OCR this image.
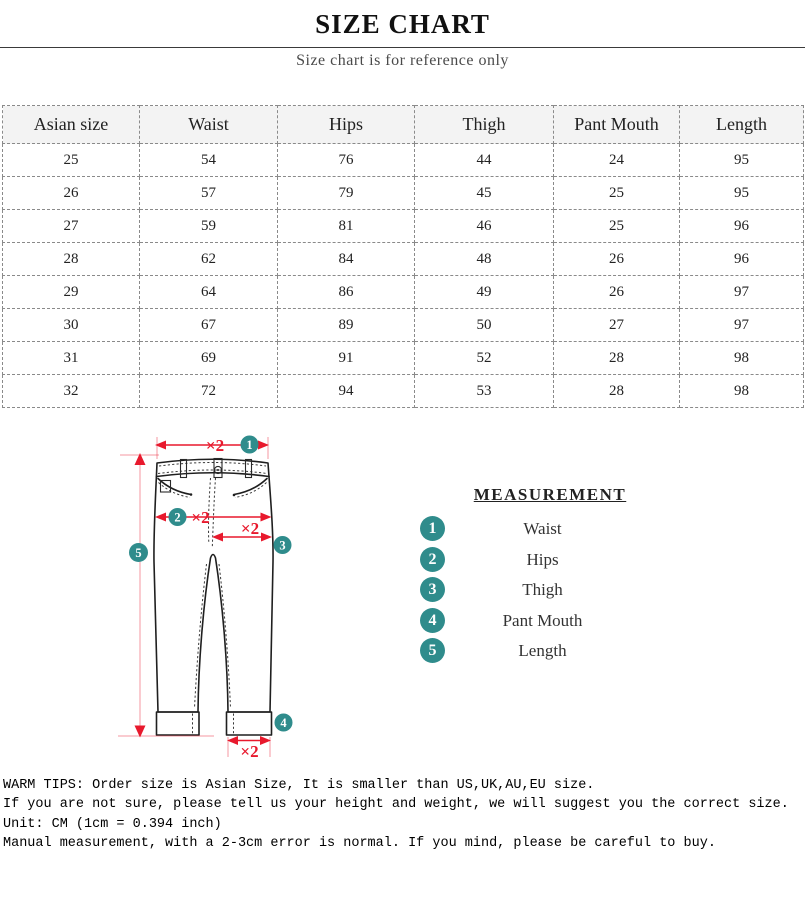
SIZE CHART
Size chart is for reference only
Asian size	Waist	Hips	Thigh	Pant Mouth	Length
25	54	76	44	24	95
26	57	79	45	25	95
27	59	81	46	25	96
28	62	84	48	26	96
29	64	86	49	26	97
30	67	89	50	27	97
31	69	91	52	28	98
32	72	94	53	28	98
×2 1
2 ×2
×2
3
5
×2
4
MEASUREMENT
1	Waist
2	Hips
3	Thigh
4	Pant Mouth
5	Length
WARM TIPS: Order size is Asian Size, It is smaller than US,UK,AU,EU size.
If you are not sure, please tell us your height and weight, we will suggest you the correct size.
Unit: CM (1cm = 0.394 inch)
Manual measurement, with a 2-3cm error is normal. If you mind, please be careful to buy.
